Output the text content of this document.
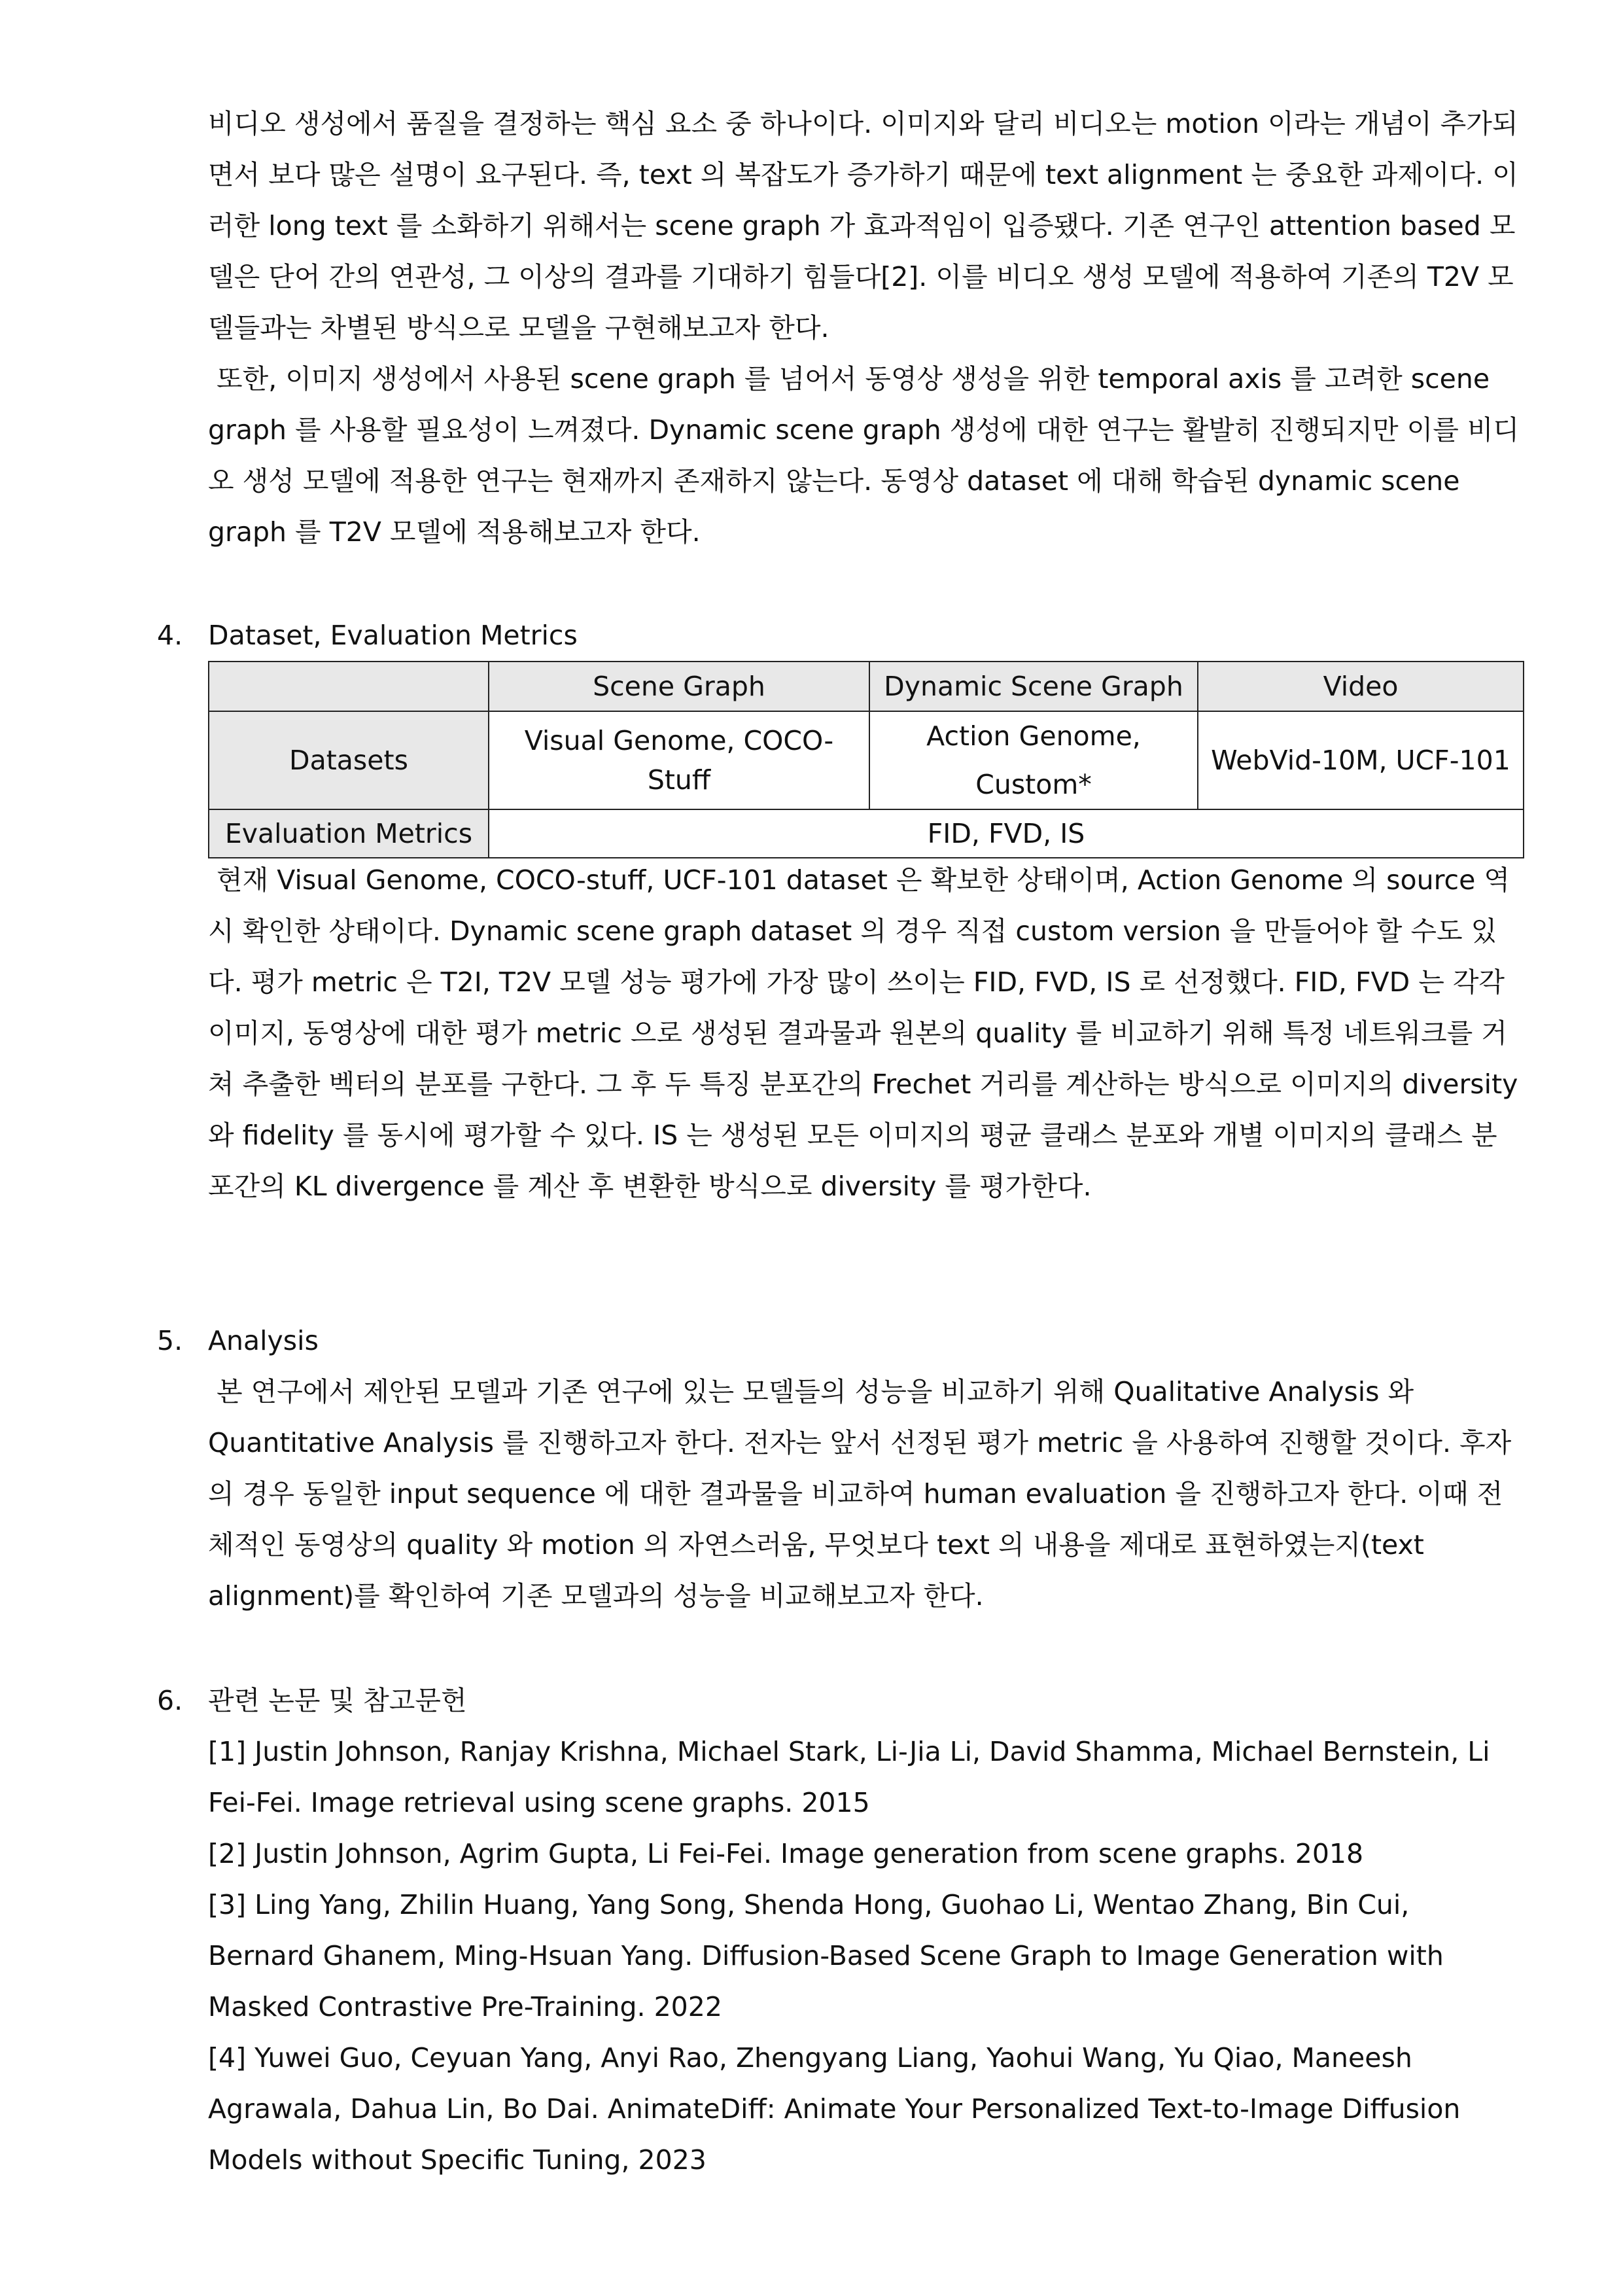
비디오 생성에서 품질을 결정하는 핵심 요소 중 하나이다. 이미지와 달리 비디오는 motion 이라는 개념이 추가되면서 보다 많은 설명이 요구된다. 즉, text 의 복잡도가 증가하기 때문에 text alignment 는 중요한 과제이다. 이러한 long text 를 소화하기 위해서는 scene graph 가 효과적임이 입증됐다. 기존 연구인 attention based 모델은 단어 간의 연관성, 그 이상의 결과를 기대하기 힘들다[2]. 이를 비디오 생성 모델에 적용하여 기존의 T2V 모델들과는 차별된 방식으로 모델을 구현해보고자 한다.

또한, 이미지 생성에서 사용된 scene graph 를 넘어서 동영상 생성을 위한 temporal axis 를 고려한 scene graph 를 사용할 필요성이 느껴졌다. Dynamic scene graph 생성에 대한 연구는 활발히 진행되지만 이를 비디오 생성 모델에 적용한 연구는 현재까지 존재하지 않는다. 동영상 dataset 에 대해 학습된 dynamic scene graph 를 T2V 모델에 적용해보고자 한다.

4. Dataset, Evaluation Metrics
	Scene Graph	Dynamic Scene Graph	Video
Datasets	Visual Genome, COCO-Stuff	Action Genome, Custom*	WebVid-10M, UCF-101
Evaluation Metrics	FID, FVD, IS		

현재 Visual Genome, COCO-stuff, UCF-101 dataset 은 확보한 상태이며, Action Genome 의 source 역시 확인한 상태이다. Dynamic scene graph dataset 의 경우 직접 custom version 을 만들어야 할 수도 있다. 평가 metric 은 T2I, T2V 모델 성능 평가에 가장 많이 쓰이는 FID, FVD, IS 로 선정했다. FID, FVD 는 각각 이미지, 동영상에 대한 평가 metric 으로 생성된 결과물과 원본의 quality 를 비교하기 위해 특정 네트워크를 거쳐 추출한 벡터의 분포를 구한다. 그 후 두 특징 분포간의 Frechet 거리를 계산하는 방식으로 이미지의 diversity 와 fidelity 를 동시에 평가할 수 있다. IS 는 생성된 모든 이미지의 평균 클래스 분포와 개별 이미지의 클래스 분포간의 KL divergence 를 계산 후 변환한 방식으로 diversity 를 평가한다.

5. Analysis

본 연구에서 제안된 모델과 기존 연구에 있는 모델들의 성능을 비교하기 위해 Qualitative Analysis 와 Quantitative Analysis 를 진행하고자 한다. 전자는 앞서 선정된 평가 metric 을 사용하여 진행할 것이다. 후자의 경우 동일한 input sequence 에 대한 결과물을 비교하여 human evaluation 을 진행하고자 한다. 이때 전체적인 동영상의 quality 와 motion 의 자연스러움, 무엇보다 text 의 내용을 제대로 표현하였는지(text alignment)를 확인하여 기존 모델과의 성능을 비교해보고자 한다.

6. 관련 논문 및 참고문헌

[1] Justin Johnson, Ranjay Krishna, Michael Stark, Li-Jia Li, David Shamma, Michael Bernstein, Li Fei-Fei. Image retrieval using scene graphs. 2015

[2] Justin Johnson, Agrim Gupta, Li Fei-Fei. Image generation from scene graphs. 2018

[3] Ling Yang, Zhilin Huang, Yang Song, Shenda Hong, Guohao Li, Wentao Zhang, Bin Cui, Bernard Ghanem, Ming-Hsuan Yang. Diffusion-Based Scene Graph to Image Generation with Masked Contrastive Pre-Training. 2022

[4] Yuwei Guo, Ceyuan Yang, Anyi Rao, Zhengyang Liang, Yaohui Wang, Yu Qiao, Maneesh Agrawala, Dahua Lin, Bo Dai. AnimateDiff: Animate Your Personalized Text-to-Image Diffusion Models without Specific Tuning, 2023
